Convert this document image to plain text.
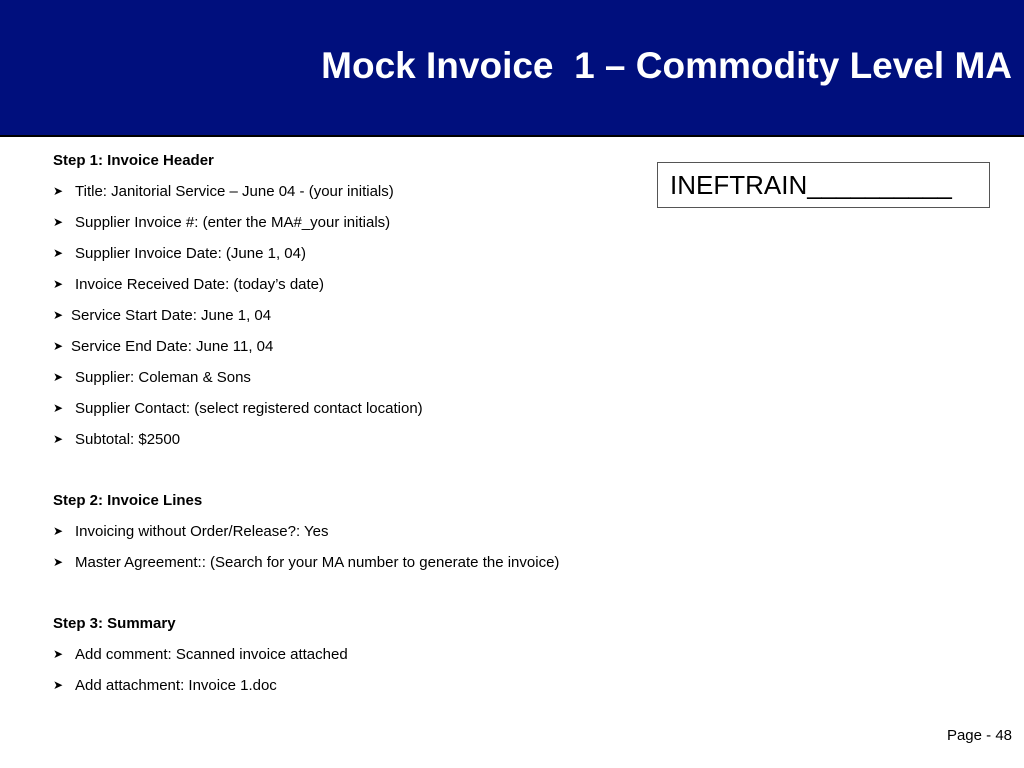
Mock Invoice  1 – Commodity Level MA
INEFTRAIN__________
Step 1: Invoice Header
➤ Title: Janitorial Service – June 04 - (your initials)
➤ Supplier Invoice #: (enter the MA#_your initials)
➤ Supplier Invoice Date: (June 1, 04)
➤ Invoice Received Date: (today’s date)
➤ Service Start Date: June 1, 04
➤ Service End Date: June 11, 04
➤ Supplier: Coleman & Sons
➤ Supplier Contact: (select registered contact location)
➤ Subtotal: $2500
Step 2: Invoice Lines
➤ Invoicing without Order/Release?: Yes
➤ Master Agreement:: (Search for your MA number to generate the invoice)
Step 3: Summary
➤ Add comment: Scanned invoice attached
➤ Add attachment: Invoice 1.doc
Page - 48
